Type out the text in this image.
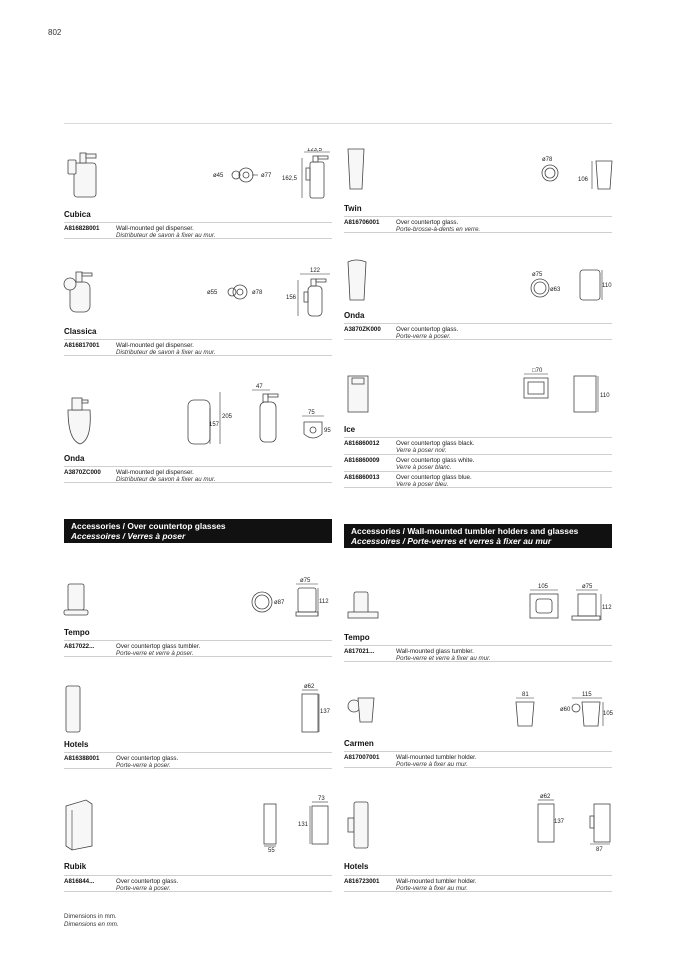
802
ø45	ø77
123,5
162,5
Cubica
A816828001	Wall-mounted gel dispenser.
Distributeur de savon à fixer au mur.
ø55	ø78
122
156
Classica
A816817001	Wall-mounted gel dispenser.
Distributeur de savon à fixer au mur.
205
157
47
75
95
Onda
A3870ZC000 Wall-mounted gel dispenser.
Distributeur de savon à fixer au mur.
ø78
106
Twin
A816706001	Over countertop glass.
Porte-brosse-à-dents en verre.
ø75
ø63
110
Onda
A3870ZK000 Over countertop glass.
Porte-verre à poser.
□70
110
Ice
A816860012	Over countertop glass black.
Verre à poser noir.
A816860009	Over countertop glass white.
Verre à poser blanc.
A816860013	Over countertop glass blue.
Verre à poser bleu.
Accessories / Over countertop glasses
Accessoires / Verres à poser	Accessories / Wall-mounted tumbler holders and glasses
Accessoires / Porte-verres et verres à fixer au mur
ø87
ø75
112
Tempo
A817022...	Over countertop glass tumbler.
Porte-verre et verre à poser.
ø62
137
Hotels
A816388001	Over countertop glass.
Porte-verre à poser.
55
73
131
Rubik
A816844...	Over countertop glass.
Porte-verre à poser.
105	ø75
112
Tempo
A817021...	Wall-mounted glass tumbler.
Porte-verre et verre à fixer au mur.
81	115
ø60
105
Carmen
A817007001	Wall-mounted tumbler holder.
Porte-verre à fixer au mur.
ø62
137
87
Hotels
A816723001	Wall-mounted tumbler holder.
Porte-verre à fixer au mur.
Dimensions in mm.
Dimensions en mm.
